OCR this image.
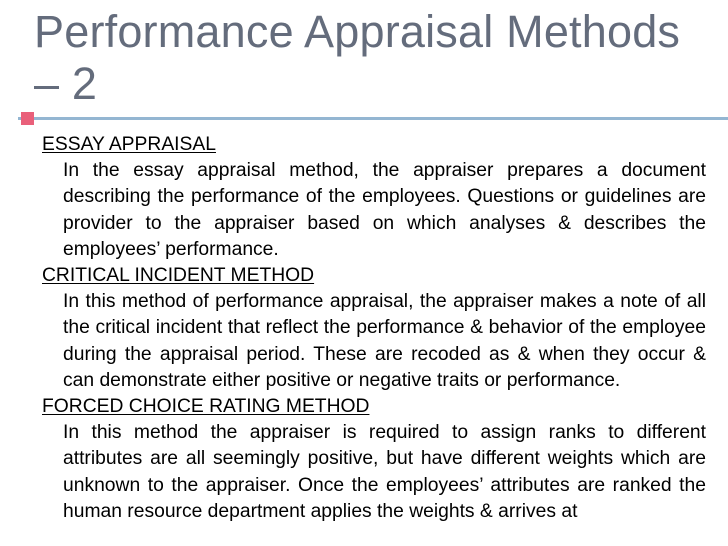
Performance Appraisal Methods
– 2

ESSAY APPRAISAL

In the essay appraisal method, the appraiser prepares a document describing the performance of the employees. Questions or guidelines are provider to the appraiser based on which analyses & describes the employees’ performance.

CRITICAL INCIDENT METHOD

In this method of performance appraisal, the appraiser makes a note of all the critical incident that reflect the performance & behavior of the employee during the appraisal period. These are recoded as & when they occur & can demonstrate either positive or negative traits or performance.

FORCED CHOICE RATING METHOD

In this method the appraiser is required to assign ranks to different attributes are all seemingly positive, but have different weights which are unknown to the appraiser. Once the employees’ attributes are ranked the human resource department applies the weights & arrives at
